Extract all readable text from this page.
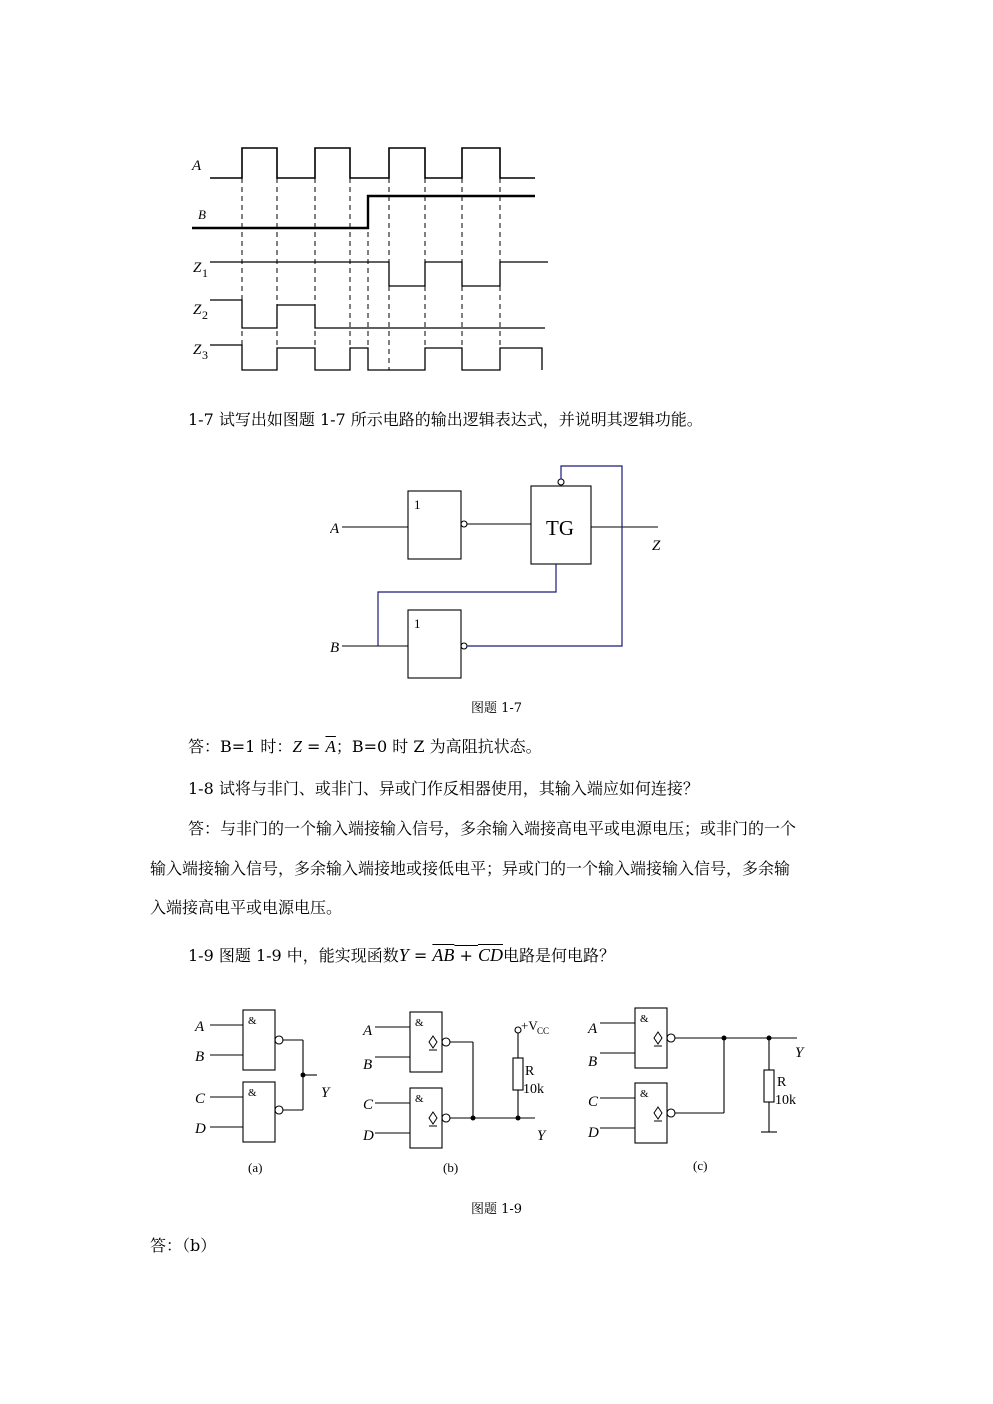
A
B
Z 1
Z 2
Z 3
1-7 试写出如图题 1-7 所示电路的输出逻辑表达式，并说明其逻辑功能。
A
B
Z
1
1
TG
图题 1-7
答：B=1 时：$Z = \overline{A}$；B=0 时 Z 为高阻抗状态。
1-8 试将与非门、或非门、异或门作反相器使用，其输入端应如何连接？
答：与非门的一个输入端接输入信号，多余输入端接高电平或电源电压；或非门的一个
输入端接输入信号，多余输入端接地或接低电平；异或门的一个输入端接输入信号，多余输
入端接高电平或电源电压。
1-9 图题 1-9 中，能实现函数Y = AB + CD电路是何电路？
&
&
&
&
&
&
A
B
C
D
Y
A
B
C
D	Y
A
B
C
D
Y
+V CC
R
10k	R
10k
(a)	(b)	(c)
图题 1-9
答：（b）
